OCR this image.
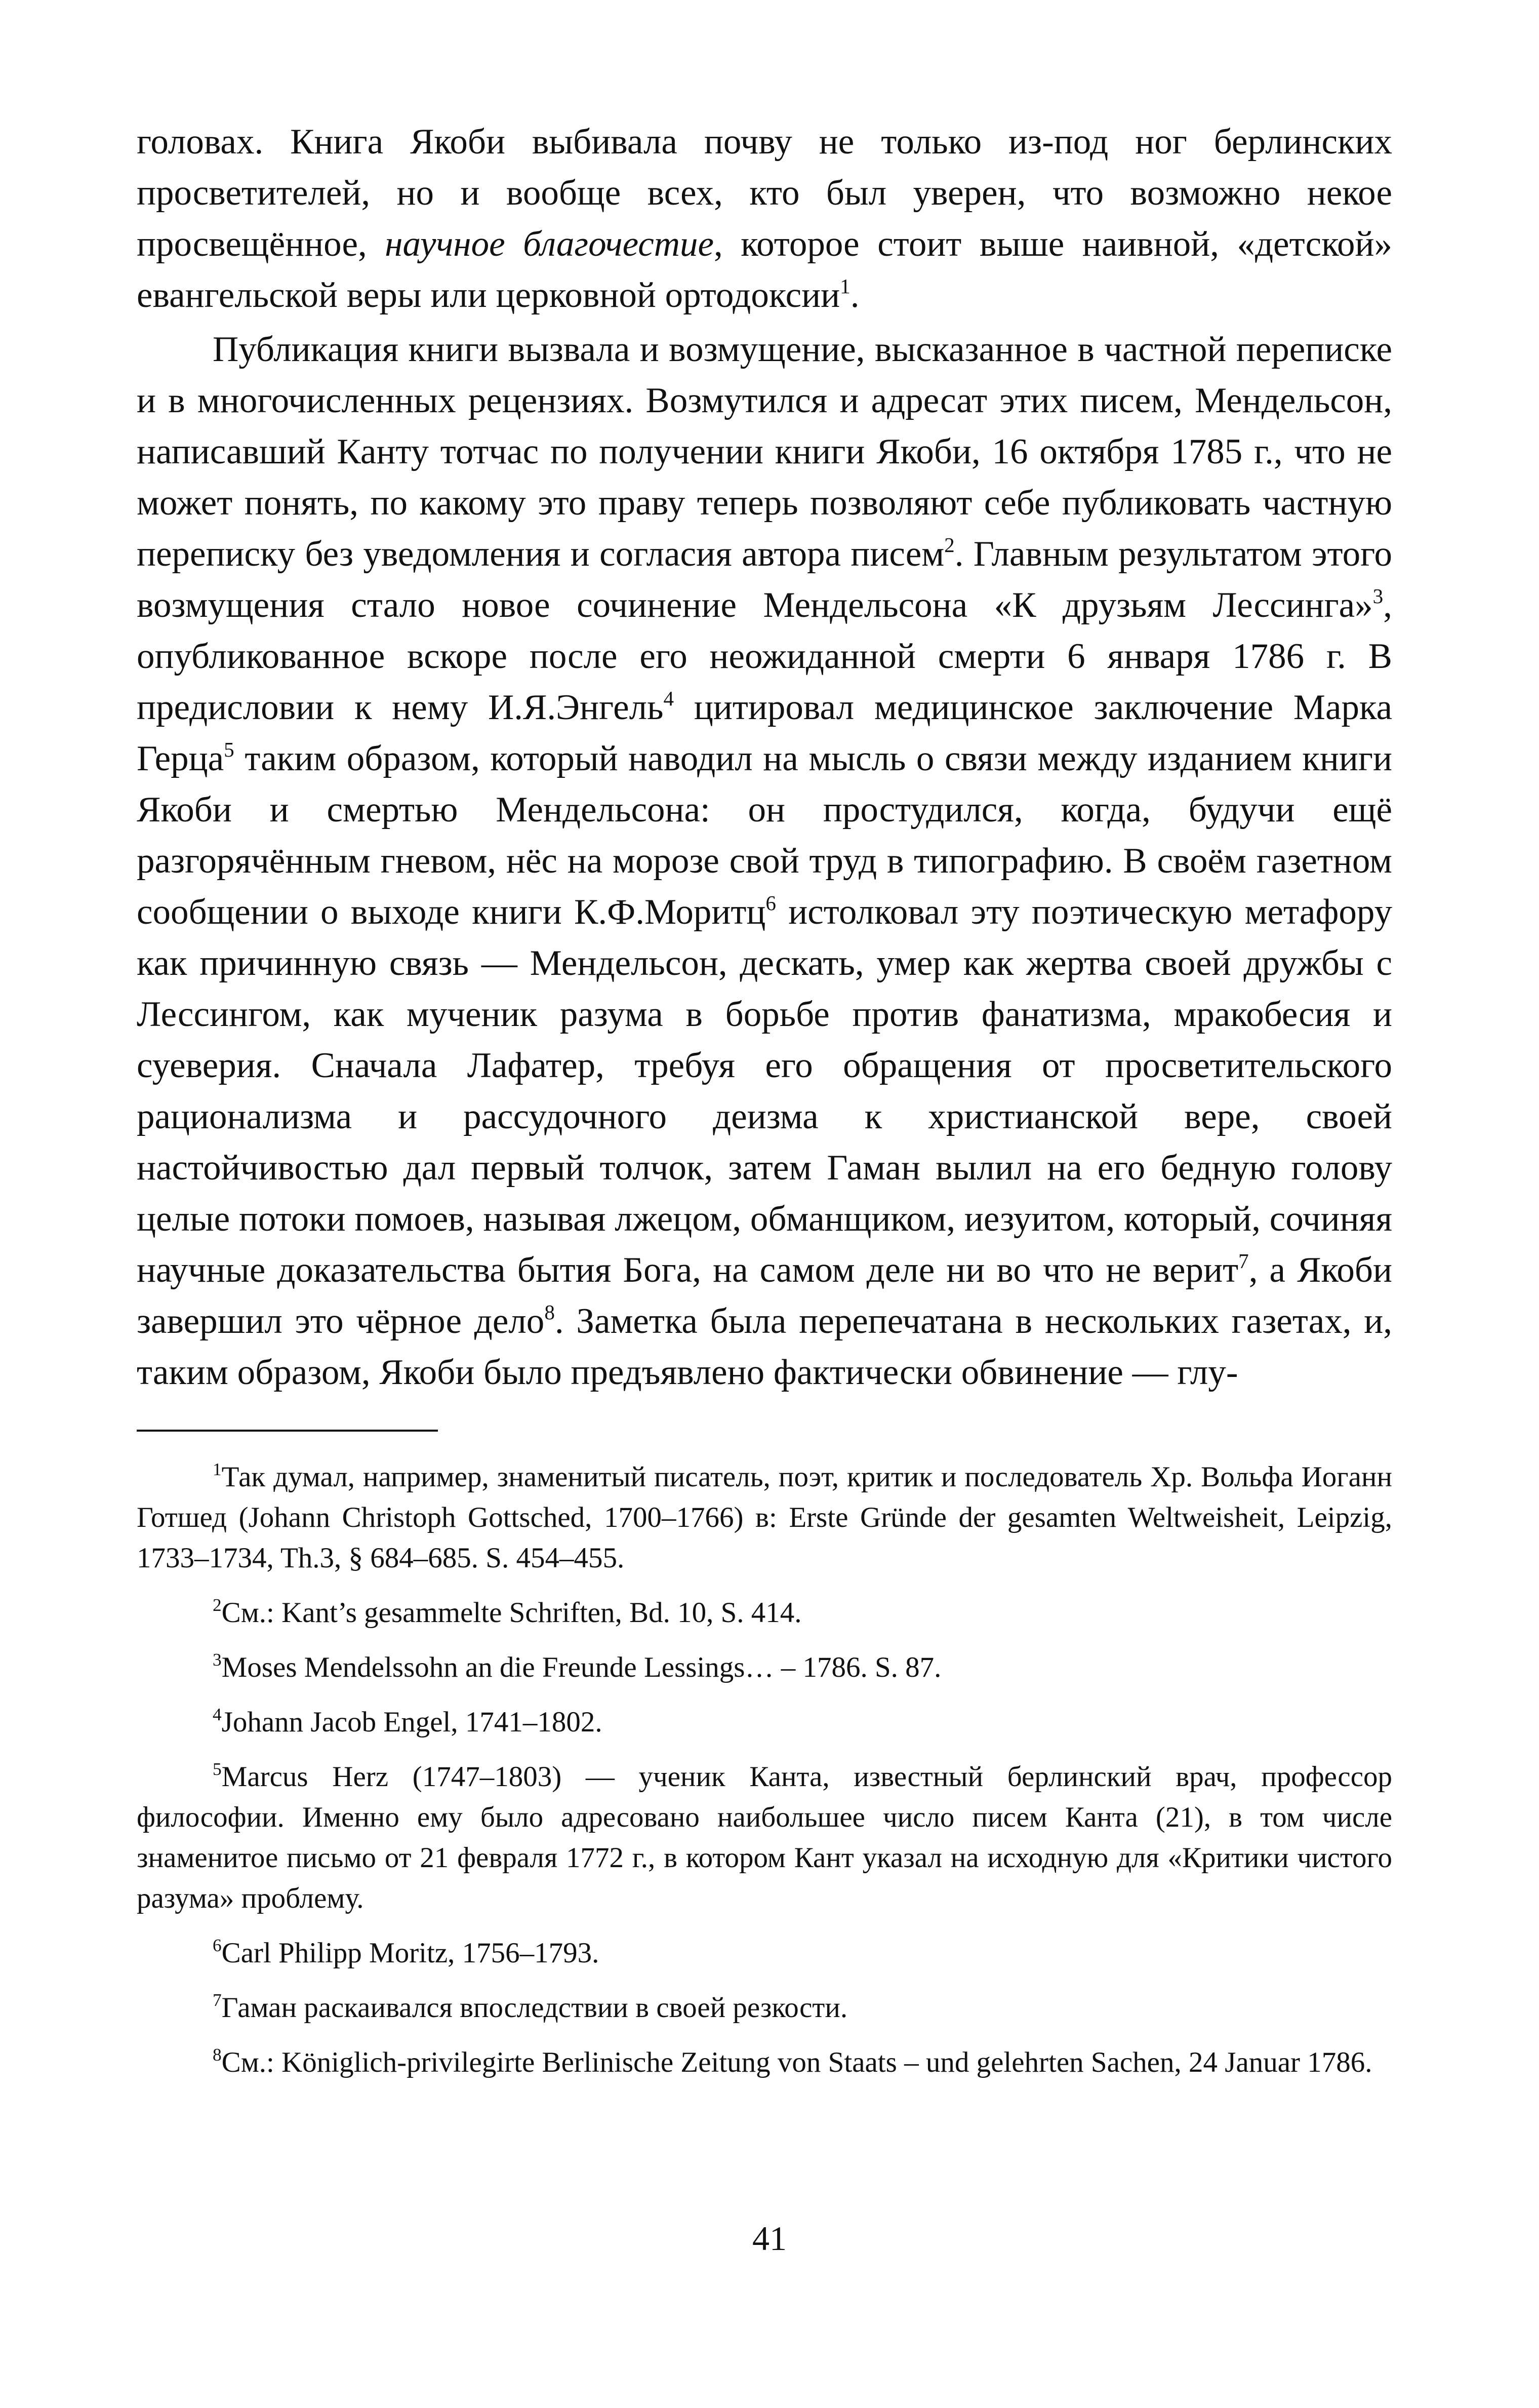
головах. Книга Якоби выбивала почву не только из-под ног берлинских просветителей, но и вообще всех, кто был уверен, что возможно некое просвещённое, научное благочестие, которое стоит выше наивной, «детской» евангельской веры или церковной ортодоксии$^1$.

Публикация книги вызвала и возмущение, высказанное в частной переписке и в многочисленных рецензиях. Возмутился и адресат этих писем, Мендельсон, написавший Канту тотчас по получении книги Якоби, 16 октября 1785 г., что не может понять, по какому это праву теперь позволяют себе публиковать частную переписку без уведомления и согласия автора писем$^2$. Главным результатом этого возмущения стало новое сочинение Мендельсона «К друзьям Лессинга»$^3$, опубликованное вскоре после его неожиданной смерти 6 января 1786 г. В предисловии к нему И.Я.Энгель$^4$ цитировал медицинское заключение Марка Герца$^5$ таким образом, который наводил на мысль о связи между изданием книги Якоби и смертью Мендельсона: он простудился, когда, будучи ещё разгорячённым гневом, нёс на морозе свой труд в типографию. В своём газетном сообщении о выходе книги К.Ф.Моритц$^6$ истолковал эту поэтическую метафору как причинную связь — Мендельсон, дескать, умер как жертва своей дружбы с Лессингом, как мученик разума в борьбе против фанатизма, мракобесия и суеверия. Сначала Лафатер, требуя его обращения от просветительского рационализма и рассудочного деизма к христианской вере, своей настойчивостью дал первый толчок, затем Гаман вылил на его бедную голову целые потоки помоев, называя лжецом, обманщиком, иезуитом, который, сочиняя научные доказательства бытия Бога, на самом деле ни во что не верит$^7$, а Якоби завершил это чёрное дело$^8$. Заметка была перепечатана в нескольких газетах, и, таким образом, Якоби было предъявлено фактически обвинение — глу-

$^1$Так думал, например, знаменитый писатель, поэт, критик и последователь Хр. Вольфа Иоганн Готшед (Johann Christoph Gottsched, 1700–1766) в: Erste Gründe der gesamten Weltweisheit, Leipzig, 1733–1734, Th.3, § 684–685. S. 454–455.

$^2$См.: Kant’s gesammelte Schriften, Bd. 10, S. 414.

$^3$Moses Mendelssohn an die Freunde Lessings… – 1786. S. 87.

$^4$Johann Jacob Engel, 1741–1802.

$^5$Marcus Herz (1747–1803) — ученик Канта, известный берлинский врач, профессор философии. Именно ему было адресовано наибольшее число писем Канта (21), в том числе знаменитое письмо от 21 февраля 1772 г., в котором Кант указал на исходную для «Критики чистого разума» проблему.

$^6$Carl Philipp Moritz, 1756–1793.

$^7$Гаман раскаивался впоследствии в своей резкости.

$^8$См.: Königlich-privilegirte Berlinische Zeitung von Staats – und gelehrten Sachen, 24 Januar 1786.

41
